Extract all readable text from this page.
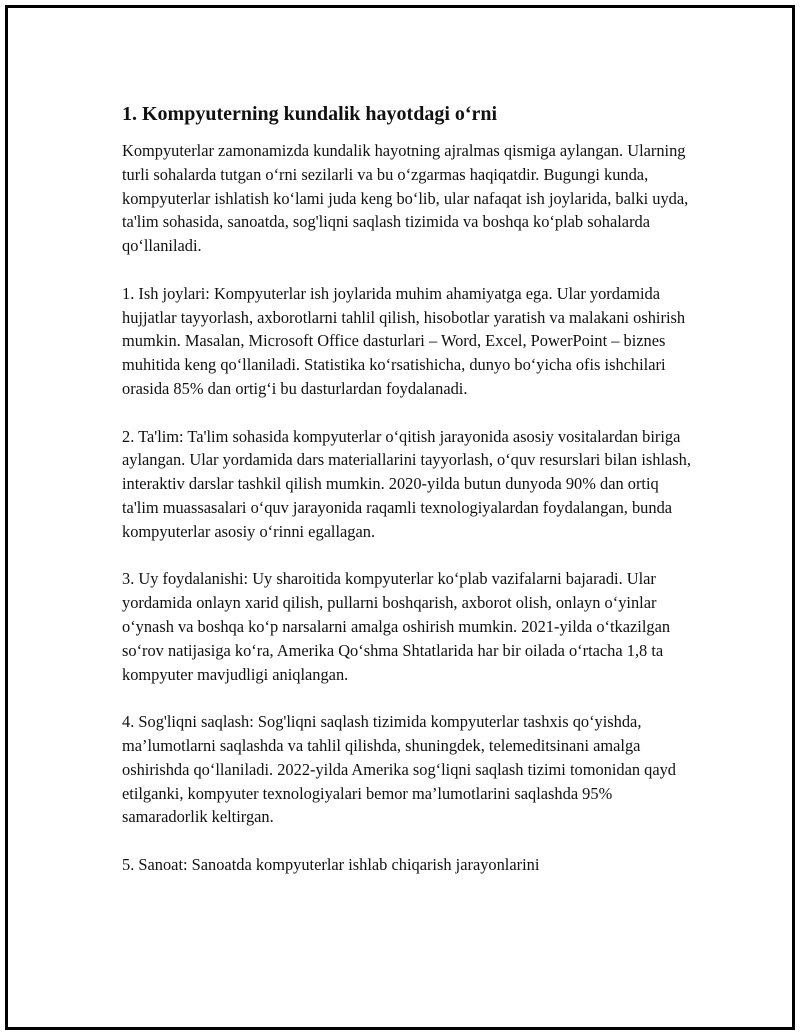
1. Kompyuterning kundalik hayotdagi o‘rni

Kompyuterlar zamonamizda kundalik hayotning ajralmas qismiga aylangan. Ularning turli sohalarda tutgan o‘rni sezilarli va bu o‘zgarmas haqiqatdir. Bugungi kunda, kompyuterlar ishlatish ko‘lami juda keng bo‘lib, ular nafaqat ish joylarida, balki uyda, ta'lim sohasida, sanoatda, sog'liqni saqlash tizimida va boshqa ko‘plab sohalarda qo‘llaniladi.

1. Ish joylari: Kompyuterlar ish joylarida muhim ahamiyatga ega. Ular yordamida hujjatlar tayyorlash, axborotlarni tahlil qilish, hisobotlar yaratish va malakani oshirish mumkin. Masalan, Microsoft Office dasturlari – Word, Excel, PowerPoint – biznes muhitida keng qo‘llaniladi. Statistika ko‘rsatishicha, dunyo bo‘yicha ofis ishchilari orasida 85% dan ortig‘i bu dasturlardan foydalanadi.

2. Ta'lim: Ta'lim sohasida kompyuterlar o‘qitish jarayonida asosiy vositalardan biriga aylangan. Ular yordamida dars materiallarini tayyorlash, o‘quv resurslari bilan ishlash, interaktiv darslar tashkil qilish mumkin. 2020-yilda butun dunyoda 90% dan ortiq ta'lim muassasalari o‘quv jarayonida raqamli texnologiyalardan foydalangan, bunda kompyuterlar asosiy o‘rinni egallagan.

3. Uy foydalanishi: Uy sharoitida kompyuterlar ko‘plab vazifalarni bajaradi. Ular yordamida onlayn xarid qilish, pullarni boshqarish, axborot olish, onlayn o‘yinlar o‘ynash va boshqa ko‘p narsalarni amalga oshirish mumkin. 2021-yilda o‘tkazilgan so‘rov natijasiga ko‘ra, Amerika Qo‘shma Shtatlarida har bir oilada o‘rtacha 1,8 ta kompyuter mavjudligi aniqlangan.

4. Sog'liqni saqlash: Sog'liqni saqlash tizimida kompyuterlar tashxis qo‘yishda, ma’lumotlarni saqlashda va tahlil qilishda, shuningdek, telemeditsinani amalga oshirishda qo‘llaniladi. 2022-yilda Amerika sog‘liqni saqlash tizimi tomonidan qayd etilganki, kompyuter texnologiyalari bemor ma’lumotlarini saqlashda 95% samaradorlik keltirgan.

5. Sanoat: Sanoatda kompyuterlar ishlab chiqarish jarayonlarini
